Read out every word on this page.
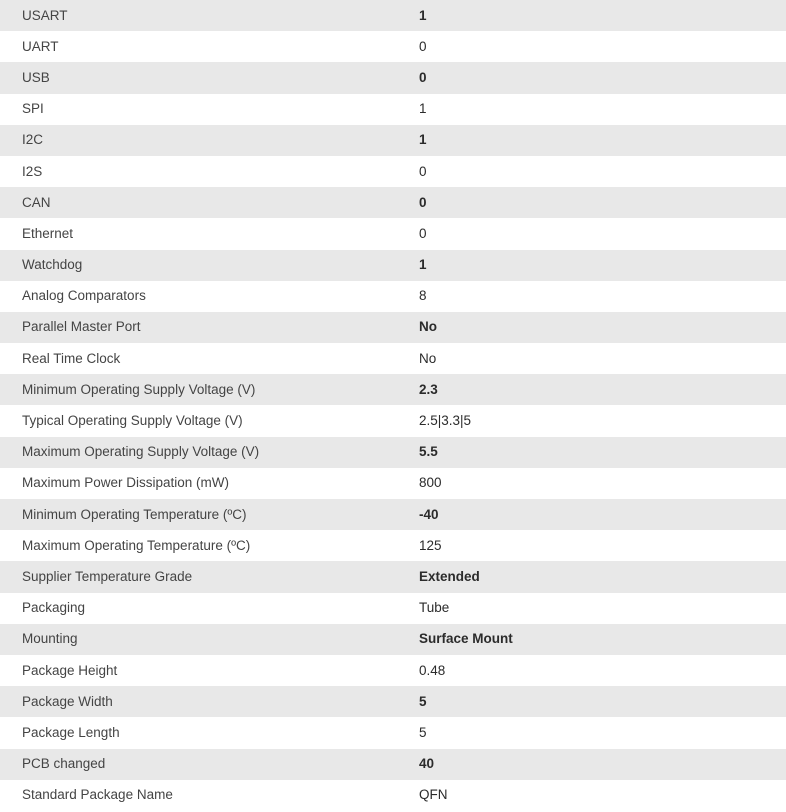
USART	1
UART	0
USB	0
SPI	1
I2C	1
I2S	0
CAN	0
Ethernet	0
Watchdog	1
Analog Comparators	8
Parallel Master Port	No
Real Time Clock	No
Minimum Operating Supply Voltage (V)	2.3
Typical Operating Supply Voltage (V)	2.5|3.3|5
Maximum Operating Supply Voltage (V)	5.5
Maximum Power Dissipation (mW)	800
Minimum Operating Temperature (ºC)	-40
Maximum Operating Temperature (ºC)	125
Supplier Temperature Grade	Extended
Packaging	Tube
Mounting	Surface Mount
Package Height	0.48
Package Width	5
Package Length	5
PCB changed	40
Standard Package Name	QFN
